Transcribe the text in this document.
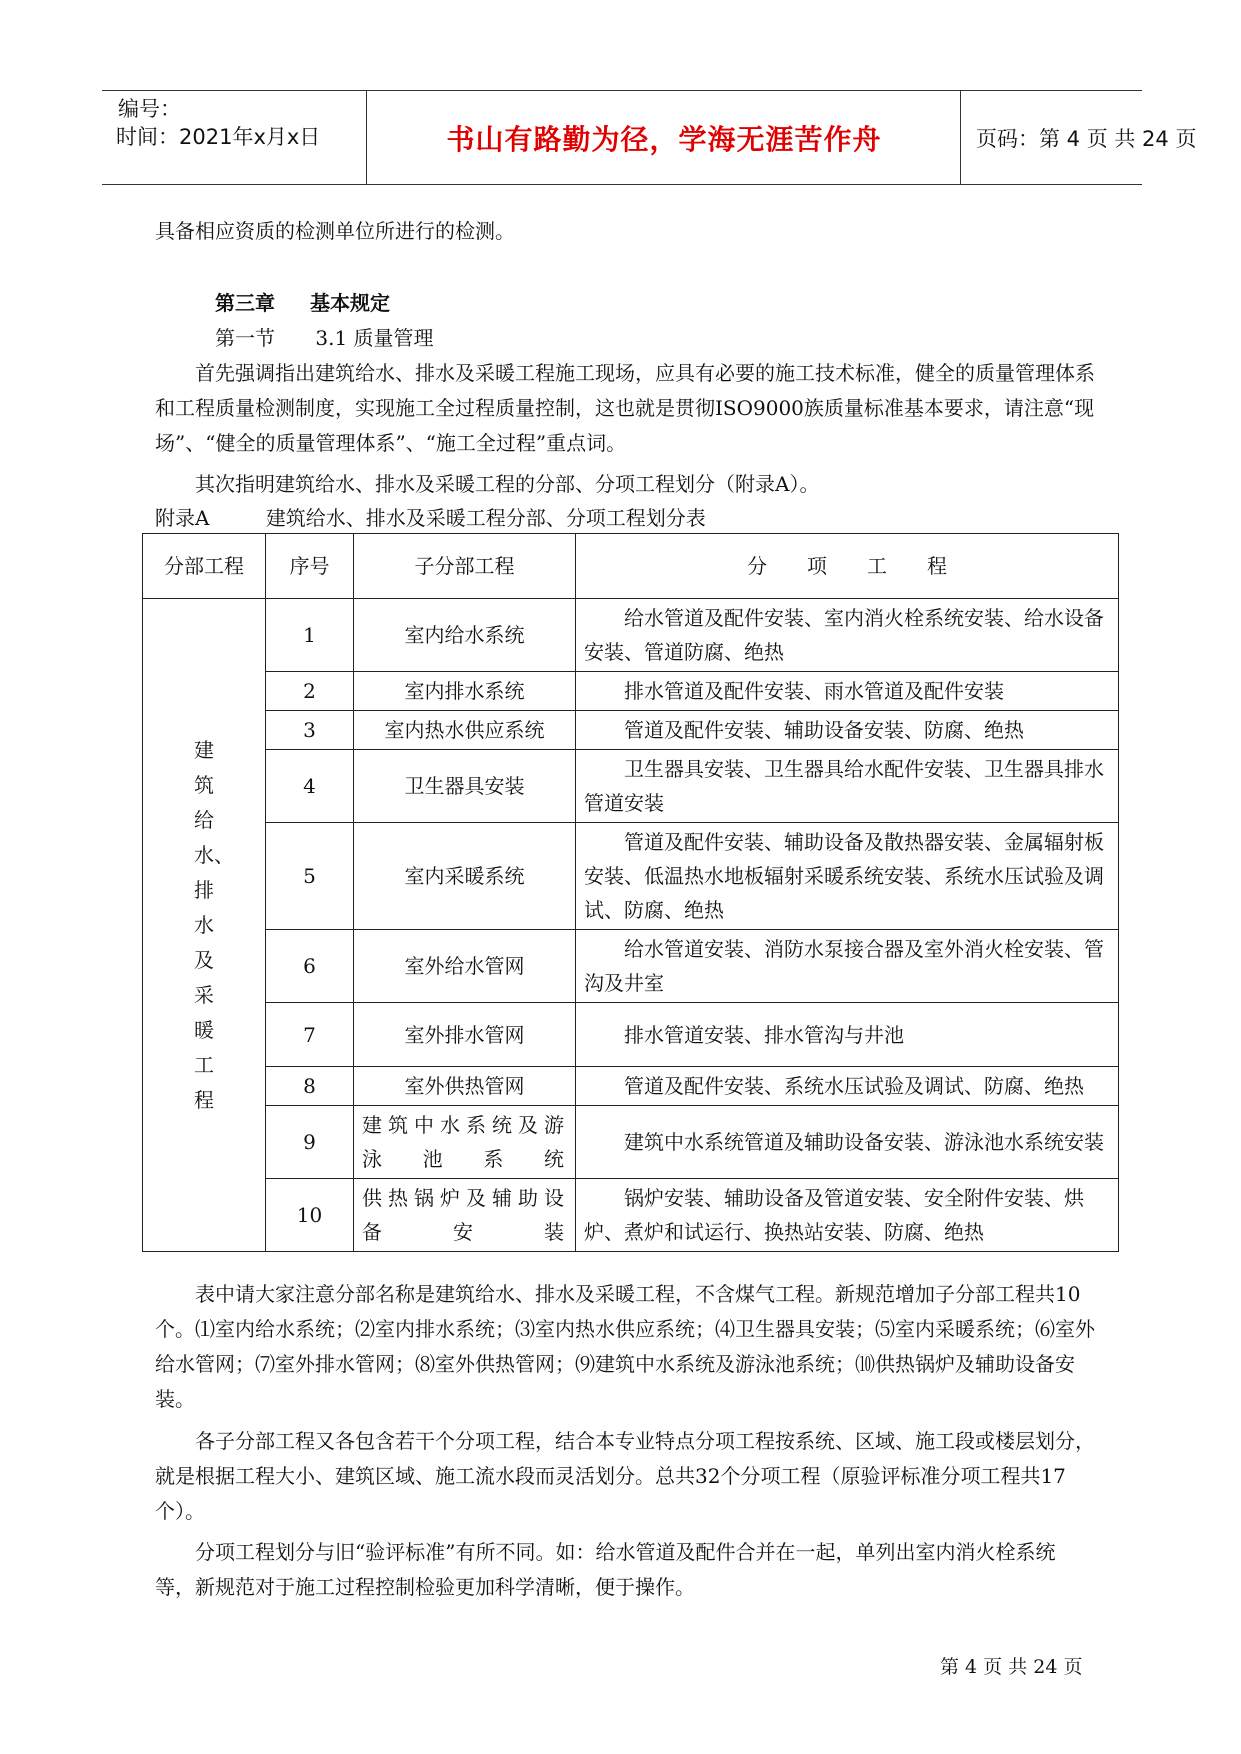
编号：
时间：2021年x月x日	书山有路勤为径，学海无涯苦作舟	页码：第 4 页 共 24 页

具备相应资质的检测单位所进行的检测。

第三章 基本规定
第一节 3.1 质量管理

首先强调指出建筑给水、排水及采暖工程施工现场，应具有必要的施工技术标准，健全的质量管理体系和工程质量检测制度，实现施工全过程质量控制，这也就是贯彻ISO9000族质量标准基本要求，请注意“现场”、“健全的质量管理体系”、“施工全过程”重点词。

其次指明建筑给水、排水及采暖工程的分部、分项工程划分（附录A）。

附录A	建筑给水、排水及采暖工程分部、分项工程划分表
分部工程	序号	子分部工程	分　　项　　工　　程

建筑给水、排水及采暖工程	1	室内给水系统	给水管道及配件安装、室内消火栓系统安装、给水设备安装、管道防腐、绝热
	2	室内排水系统	排水管道及配件安装、雨水管道及配件安装
	3	室内热水供应系统	管道及配件安装、辅助设备安装、防腐、绝热
	4	卫生器具安装	卫生器具安装、卫生器具给水配件安装、卫生器具排水管道安装
	5	室内采暖系统	管道及配件安装、辅助设备及散热器安装、金属辐射板安装、低温热水地板辐射采暖系统安装、系统水压试验及调试、防腐、绝热
	6	室外给水管网	给水管道安装、消防水泵接合器及室外消火栓安装、管沟及井室
	7	室外排水管网	排水管道安装、排水管沟与井池
	8	室外供热管网	管道及配件安装、系统水压试验及调试、防腐、绝热
	9	建筑中水系统及游泳池系统	建筑中水系统管道及辅助设备安装、游泳池水系统安装
	10	供热锅炉及辅助设备安装	锅炉安装、辅助设备及管道安装、安全附件安装、烘炉、煮炉和试运行、换热站安装、防腐、绝热

表中请大家注意分部名称是建筑给水、排水及采暖工程，不含煤气工程。新规范增加子分部工程共10个。⑴室内给水系统；⑵室内排水系统；⑶室内热水供应系统；⑷卫生器具安装；⑸室内采暖系统；⑹室外给水管网；⑺室外排水管网；⑻室外供热管网；⑼建筑中水系统及游泳池系统；⑽供热锅炉及辅助设备安装。

各子分部工程又各包含若干个分项工程，结合本专业特点分项工程按系统、区域、施工段或楼层划分，就是根据工程大小、建筑区域、施工流水段而灵活划分。总共32个分项工程（原验评标准分项工程共17个）。

分项工程划分与旧“验评标准”有所不同。如：给水管道及配件合并在一起，单列出室内消火栓系统等，新规范对于施工过程控制检验更加科学清晰，便于操作。

第 4 页 共 24 页
